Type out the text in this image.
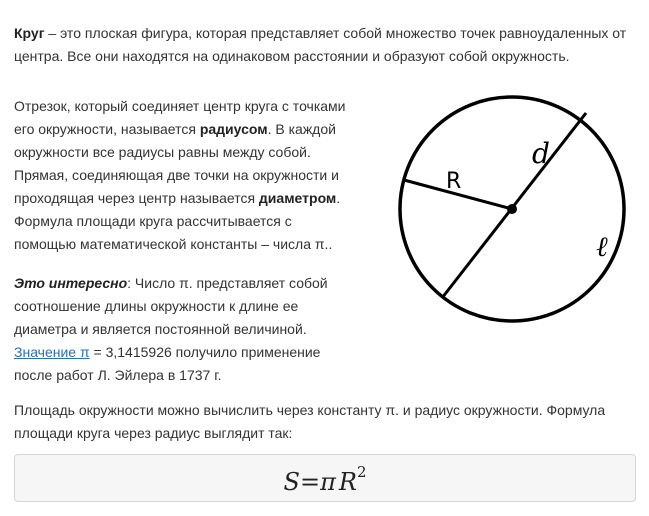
Круг – это плоская фигура, которая представляет собой множество точек равноудаленных от центра. Все они находятся на одинаковом расстоянии и образуют собой окружность.

Отрезок, который соединяет центр круга с точками его окружности, называется радиусом. В каждой окружности все радиусы равны между собой. Прямая, соединяющая две точки на окружности и проходящая через центр называется диаметром. Формула площади круга рассчитывается с помощью математической константы – числа π..

Это интересно: Число π. представляет собой соотношение длины окружности к длине ее диаметра и является постоянной величиной. Значение π = 3,1415926 получило применение после работ Л. Эйлера в 1737 г.

Площадь окружности можно вычислить через константу π. и радиус окружности. Формула площади круга через радиус выглядит так:

R
d
ℓ
S=π $R^2$
